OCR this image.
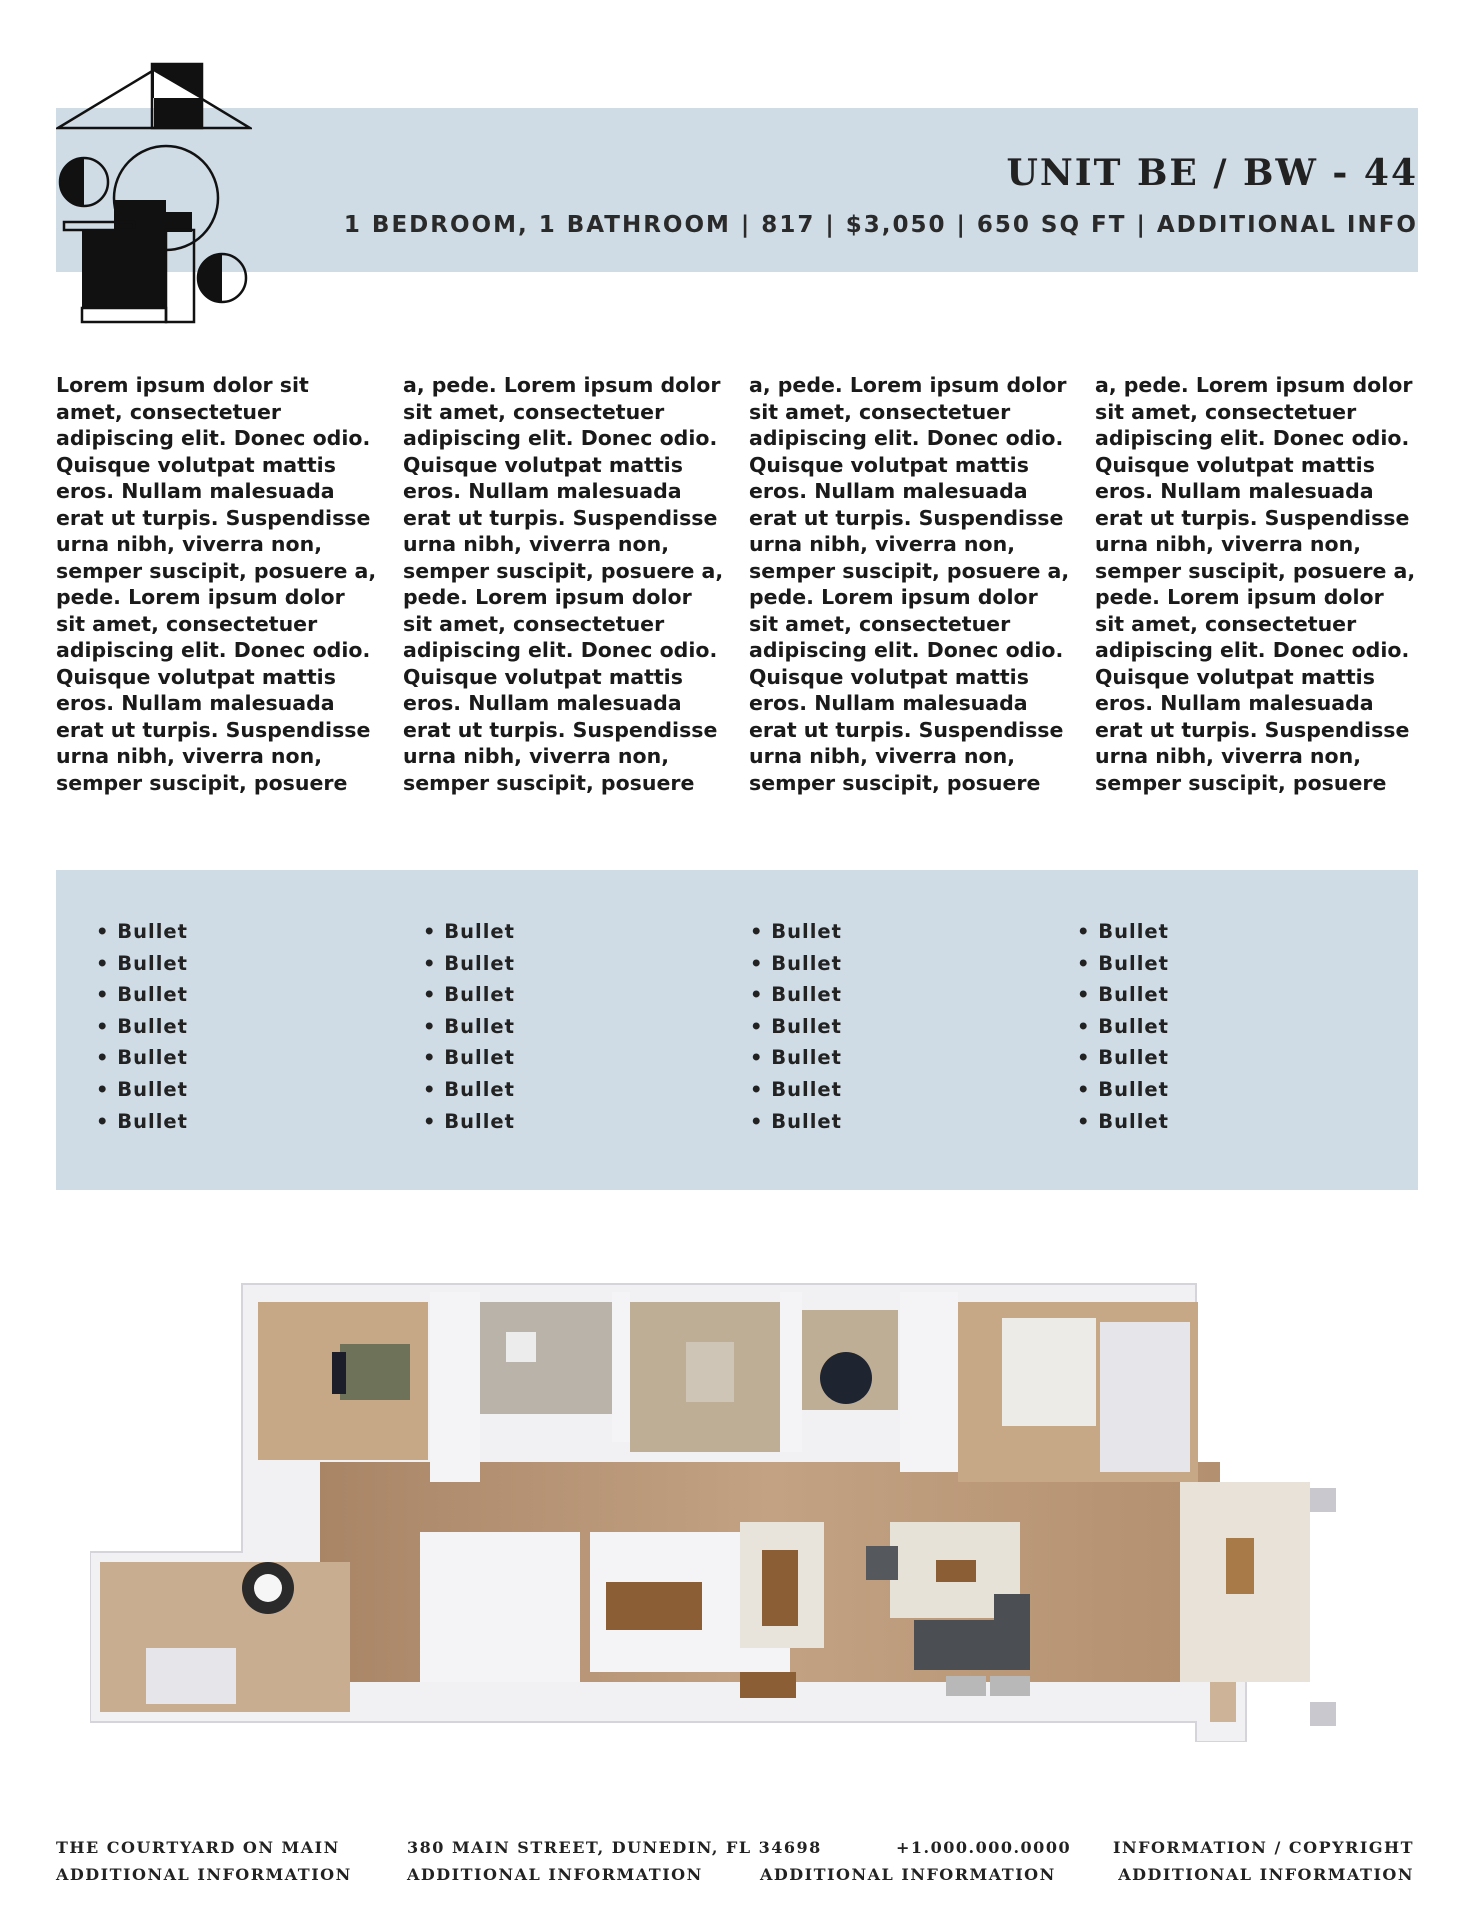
UNIT BE / BW - 44
1 BEDROOM, 1 BATHROOM | 817 | $3,050 | 650 SQ FT | ADDITIONAL INFO
Lorem ipsum dolor sit amet, consectetuer adipiscing elit. Donec odio. Quisque volutpat mattis eros. Nullam malesuada erat ut turpis. Suspendisse urna nibh, viverra non, semper suscipit, posuere a, pede. Lorem ipsum dolor sit amet, consectetuer adipiscing elit. Donec odio. Quisque volutpat mattis eros. Nullam malesuada erat ut turpis. Suspendisse urna nibh, viverra non, semper suscipit, posuere
a, pede. Lorem ipsum dolor sit amet, consectetuer adipiscing elit. Donec odio. Quisque volutpat mattis eros. Nullam malesuada erat ut turpis. Suspendisse urna nibh, viverra non, semper suscipit, posuere a, pede. Lorem ipsum dolor sit amet, consectetuer adipiscing elit. Donec odio. Quisque volutpat mattis eros. Nullam malesuada erat ut turpis. Suspendisse urna nibh, viverra non, semper suscipit, posuere
a, pede. Lorem ipsum dolor sit amet, consectetuer adipiscing elit. Donec odio. Quisque volutpat mattis eros. Nullam malesuada erat ut turpis. Suspendisse urna nibh, viverra non, semper suscipit, posuere a, pede. Lorem ipsum dolor sit amet, consectetuer adipiscing elit. Donec odio. Quisque volutpat mattis eros. Nullam malesuada erat ut turpis. Suspendisse urna nibh, viverra non, semper suscipit, posuere
a, pede. Lorem ipsum dolor sit amet, consectetuer adipiscing elit. Donec odio. Quisque volutpat mattis eros. Nullam malesuada erat ut turpis. Suspendisse urna nibh, viverra non, semper suscipit, posuere a, pede. Lorem ipsum dolor sit amet, consectetuer adipiscing elit. Donec odio. Quisque volutpat mattis eros. Nullam malesuada erat ut turpis. Suspendisse urna nibh, viverra non, semper suscipit, posuere
• Bullet
• Bullet
• Bullet
• Bullet
• Bullet
• Bullet
• Bullet
• Bullet
• Bullet
• Bullet
• Bullet
• Bullet
• Bullet
• Bullet
• Bullet
• Bullet
• Bullet
• Bullet
• Bullet
• Bullet
• Bullet
• Bullet
• Bullet
• Bullet
• Bullet
• Bullet
• Bullet
• Bullet
THE COURTYARD ON MAIN
ADDITIONAL INFORMATION
380 MAIN STREET, DUNEDIN, FL 34698
ADDITIONAL INFORMATION
+1.000.000.0000
ADDITIONAL INFORMATION
INFORMATION / COPYRIGHT
ADDITIONAL INFORMATION
